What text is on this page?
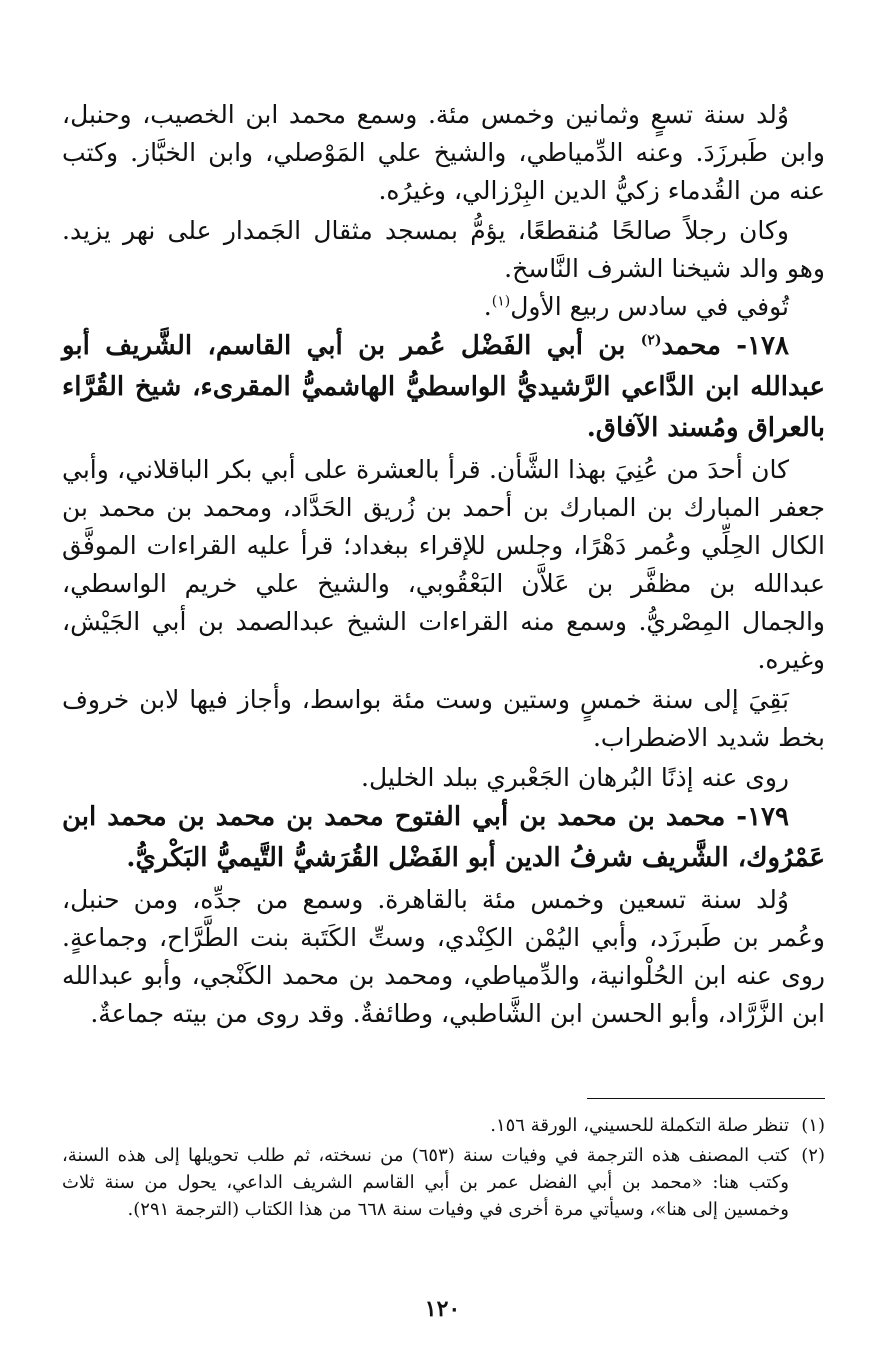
وُلد سنة تسعٍ وثمانين وخمس مئة. وسمع محمد ابن الخصيب، وحنبل، وابن طَبرزَدَ. وعنه الدِّمياطي، والشيخ علي المَوْصلي، وابن الخبَّاز. وكتب عنه من القُدماء زكيُّ الدين البِرْزالي، وغيرُه.

وكان رجلاً صالحًا مُنقطعًا، يؤمُّ بمسجد مثقال الجَمدار على نهر يزيد. وهو والد شيخنا الشرف النَّاسخ.

تُوفي في سادس ربيع الأول$^{(١)}$.

١٧٨- محمد$^{(٢)}$ بن أبي الفَضْل عُمر بن أبي القاسم، الشَّريف أبو عبدالله ابن الدَّاعي الرَّشيديُّ الواسطيُّ الهاشميُّ المقرىء، شيخ القُرَّاء بالعراق ومُسند الآفاق.

كان أحدَ من عُنِيَ بهذا الشَّأن. قرأ بالعشرة على أبي بكر الباقلاني، وأبي جعفر المبارك بن المبارك بن أحمد بن زُريق الحَدَّاد، ومحمد بن محمد بن الكال الحِلِّي وعُمر دَهْرًا، وجلس للإقراء ببغداد؛ قرأ عليه القراءات الموفَّق عبدالله بن مظفَّر بن عَلاَّن البَعْقُوبي، والشيخ علي خريم الواسطي، والجمال المِصْريُّ. وسمع منه القراءات الشيخ عبدالصمد بن أبي الجَيْش، وغيره.

بَقِيَ إلى سنة خمسٍ وستين وست مئة بواسط، وأجاز فيها لابن خروف بخط شديد الاضطراب.

روى عنه إذنًا البُرهان الجَعْبري ببلد الخليل.

١٧٩- محمد بن محمد بن أبي الفتوح محمد بن محمد بن محمد ابن عَمْرُوك، الشَّريف شرفُ الدين أبو الفَضْل القُرَشيُّ التَّيميُّ البَكْريُّ.

وُلد سنة تسعين وخمس مئة بالقاهرة. وسمع من جدِّه، ومن حنبل، وعُمر بن طَبرزَد، وأبي اليُمْن الكِنْدي، وستِّ الكَتَبة بنت الطَّرَّاح، وجماعةٍ. روى عنه ابن الحُلْوانية، والدِّمياطي، ومحمد بن محمد الكَنْجي، وأبو عبدالله ابن الزَّرَّاد، وأبو الحسن ابن الشَّاطبي، وطائفةٌ. وقد روى من بيته جماعةٌ.

(١)
تنظر صلة التكملة للحسيني، الورقة ١٥٦.
(٢)
كتب المصنف هذه الترجمة في وفيات سنة (٦٥٣) من نسخته، ثم طلب تحويلها إلى هذه السنة، وكتب هنا: «محمد بن أبي الفضل عمر بن أبي القاسم الشريف الداعي، يحول من سنة ثلاث وخمسين إلى هنا»، وسيأتي مرة أخرى في وفيات سنة ٦٦٨ من هذا الكتاب (الترجمة ٢٩١).
١٢٠
